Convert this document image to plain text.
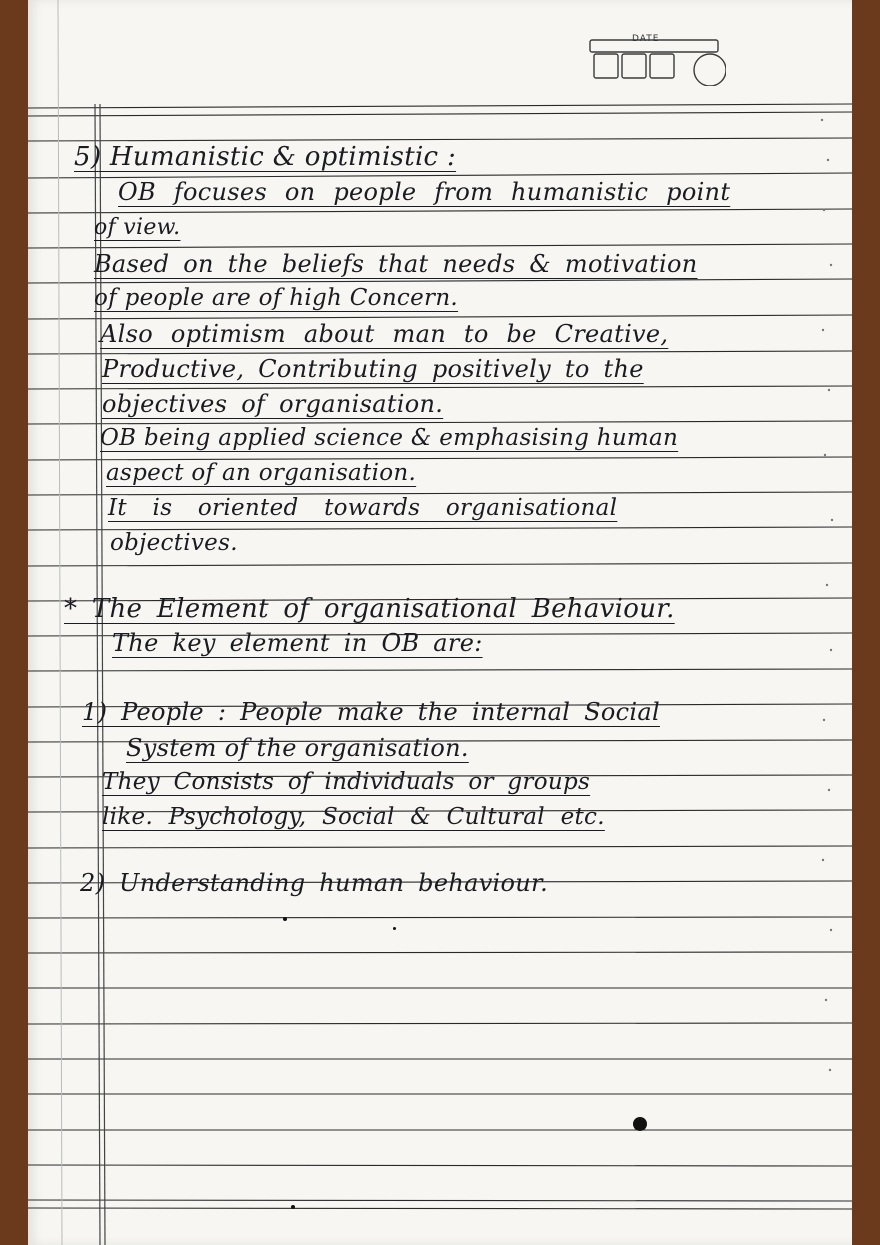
DATE
5) Humanistic & optimistic :
OB focuses on people from humanistic point
of view.
Based on the beliefs that needs & motivation
of people are of high Concern.
Also optimism about man to be Creative,
Productive, Contributing positively to the
objectives of organisation.
OB being applied science & emphasising human
aspect of an organisation.
It is oriented towards organisational
objectives.
* The Element of organisational Behaviour.
The key element in OB are:
1) People : People make the internal Social
System of the organisation.
They Consists of individuals or groups
like. Psychology, Social & Cultural etc.
2) Understanding human behaviour.
